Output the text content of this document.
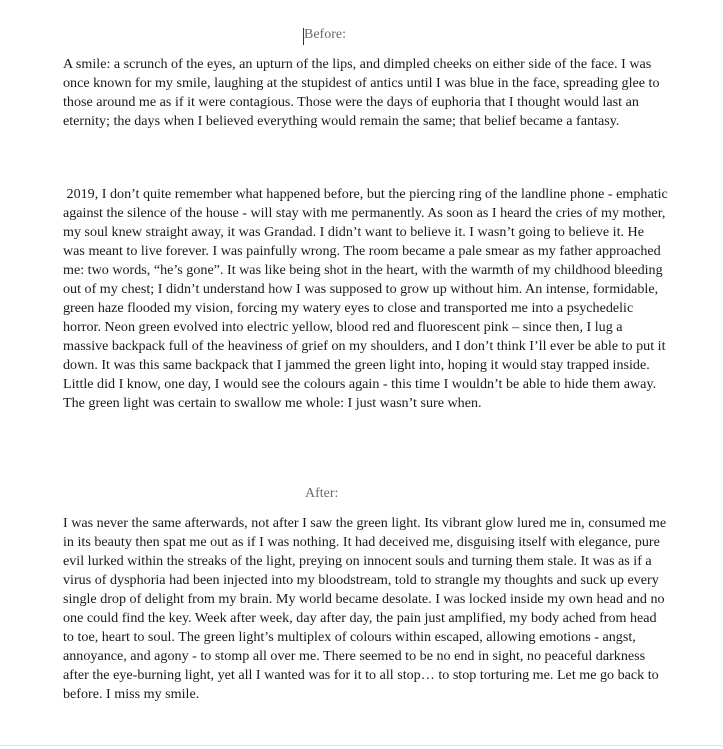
Before:

A smile: a scrunch of the eyes, an upturn of the lips, and dimpled cheeks on either side of the face. I was once known for my smile, laughing at the stupidest of antics until I was blue in the face, spreading glee to those around me as if it were contagious. Those were the days of euphoria that I thought would last an eternity; the days when I believed everything would remain the same; that belief became a fantasy.

2019, I don’t quite remember what happened before, but the piercing ring of the landline phone - emphatic against the silence of the house - will stay with me permanently. As soon as I heard the cries of my mother, my soul knew straight away, it was Grandad. I didn’t want to believe it. I wasn’t going to believe it. He was meant to live forever. I was painfully wrong. The room became a pale smear as my father approached me: two words, “he’s gone”. It was like being shot in the heart, with the warmth of my childhood bleeding out of my chest; I didn’t understand how I was supposed to grow up without him. An intense, formidable, green haze flooded my vision, forcing my watery eyes to close and transported me into a psychedelic horror. Neon green evolved into electric yellow, blood red and fluorescent pink – since then, I lug a massive backpack full of the heaviness of grief on my shoulders, and I don’t think I’ll ever be able to put it down. It was this same backpack that I jammed the green light into, hoping it would stay trapped inside. Little did I know, one day, I would see the colours again - this time I wouldn’t be able to hide them away. The green light was certain to swallow me whole: I just wasn’t sure when.

After:

I was never the same afterwards, not after I saw the green light. Its vibrant glow lured me in, consumed me in its beauty then spat me out as if I was nothing. It had deceived me, disguising itself with elegance, pure evil lurked within the streaks of the light, preying on innocent souls and turning them stale. It was as if a virus of dysphoria had been injected into my bloodstream, told to strangle my thoughts and suck up every single drop of delight from my brain. My world became desolate. I was locked inside my own head and no one could find the key. Week after week, day after day, the pain just amplified, my body ached from head to toe, heart to soul. The green light’s multiplex of colours within escaped, allowing emotions - angst, annoyance, and agony - to stomp all over me. There seemed to be no end in sight, no peaceful darkness after the eye-burning light, yet all I wanted was for it to all stop… to stop torturing me. Let me go back to before. I miss my smile.
